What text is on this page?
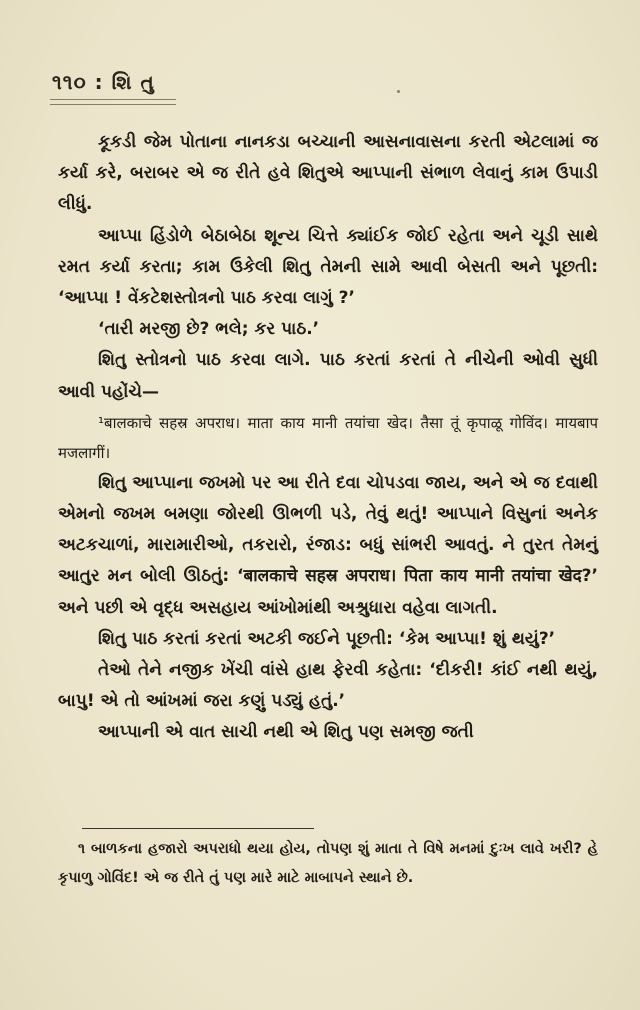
૧૧૦ : શિ તુ

કૂકડી જેમ પોતાના નાનકડા બચ્ચાની આસનાવાસના કરતી એટલામાં જ કર્યા કરે, બરાબર એ જ રીતે હવે શિતુએ આપ્પાની સંભાળ લેવાનું કામ ઉપાડી લીધું.

આપ્પા હિંડોળે બેઠાબેઠા શૂન્ય ચિત્તે ક્યાંઈક જોઈ રહેતા અને ચૂડી સાથે રમત કર્યા કરતા; કામ ઉકેલી શિતુ તેમની સામે આવી બેસતી અને પૂછતી: ‘આપ્પા ! વેંકટેશસ્તોત્રનો પાઠ કરવા લાગું ?’

‘તારી મરજી છે? ભલે; કર પાઠ.’

શિતુ સ્તોત્રનો પાઠ કરવા લાગે. પાઠ કરતાં કરતાં તે નીચેની ઓવી સુધી આવી પહોંચે—

¹बालकाचे सहस्र अपराध। माता काय मानी तयांचा खेद। तैसा तूं कृपाळू गोविंद। मायबाप मजलागीं।

શિતુ આપ્પાના જખમો પર આ રીતે દવા ચોપડવા જાય, અને એ જ દવાથી એમનો જખમ બમણા જોરથી ઊભળી પડે, તેવું થતું! આપ્પાને વિસુનાં અનેક અટકચાળાં, મારામારીઓ, તકરારો, રંજાડ: બધું સાંભરી આવતું. ને તુરત તેમનું આતુર મન બોલી ઊઠતું: ‘बालकाचे सहस्र अपराध। पिता काय मानी तयांचा खेद?’ અને પછી એ વૃદ્ધ અસહાય આંખોમાંથી અશ્રુધારા વહેવા લાગતી.

શિતુ પાઠ કરતાં કરતાં અટકી જઈને પૂછતી: ‘કેમ આપ્પા! શું થયું?’

તેઓ તેને નજીક ખેંચી વાંસે હાથ ફેરવી કહેતા: ‘દીકરી! કાંઈ નથી થયું, બાપુ! એ તો આંખમાં જરા કણું પડ્યું હતું.’

આપ્પાની એ વાત સાચી નથી એ શિતુ પણ સમજી જતી

૧ બાળકના હજારો અપરાધો થયા હોય, તોપણ શું માતા તે વિષે મનમાં દુઃખ લાવે ખરી? હે કૃપાળુ ગોવિંદ! એ જ રીતે તું પણ મારે માટે માબાપને સ્થાને છે.
